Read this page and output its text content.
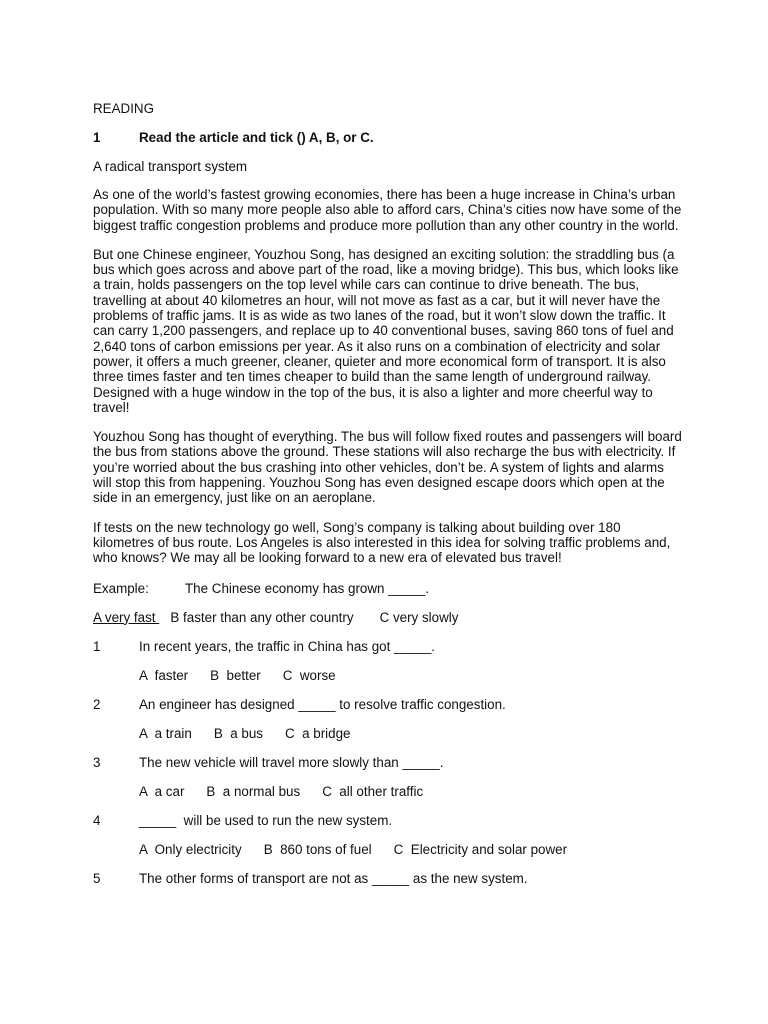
READING
1	Read the article and tick () A, B, or C.
A radical transport system

As one of the world’s fastest growing economies, there has been a huge increase in China’s urban population. With so many more people also able to afford cars, China’s cities now have some of the biggest traffic congestion problems and produce more pollution than any other country in the world.

But one Chinese engineer, Youzhou Song, has designed an exciting solution: the straddling bus (a bus which goes across and above part of the road, like a moving bridge). This bus, which looks like a train, holds passengers on the top level while cars can continue to drive beneath. The bus, travelling at about 40 kilometres an hour, will not move as fast as a car, but it will never have the problems of traffic jams. It is as wide as two lanes of the road, but it won’t slow down the traffic. It can carry 1,200 passengers, and replace up to 40 conventional buses, saving 860 tons of fuel and 2,640 tons of carbon emissions per year. As it also runs on a combination of electricity and solar power, it offers a much greener, cleaner, quieter and more economical form of transport. It is also three times faster and ten times cheaper to build than the same length of underground railway. Designed with a huge window in the top of the bus, it is also a lighter and more cheerful way to travel!

Youzhou Song has thought of everything. The bus will follow fixed routes and passengers will board the bus from stations above the ground. These stations will also recharge the bus with electricity. If you’re worried about the bus crashing into other vehicles, don’t be. A system of lights and alarms will stop this from happening. Youzhou Song has even designed escape doors which open at the side in an emergency, just like on an aeroplane.

If tests on the new technology go well, Song’s company is talking about building over 180 kilometres of bus route. Los Angeles is also interested in this idea for solving traffic problems and, who knows? We may all be looking forward to a new era of elevated bus travel!

Example:	The Chinese economy has grown _____.
A very fast    B faster than any other country C very slowly
1	In recent years, the traffic in China has got _____.
A  faster B  better C  worse
2	An engineer has designed _____ to resolve traffic congestion.
A  a train B  a bus C  a bridge
3	The new vehicle will travel more slowly than _____.
A  a car B  a normal bus C  all other traffic
4	_____  will be used to run the new system.
A  Only electricity B  860 tons of fuel C  Electricity and solar power
5	The other forms of transport are not as _____ as the new system.
